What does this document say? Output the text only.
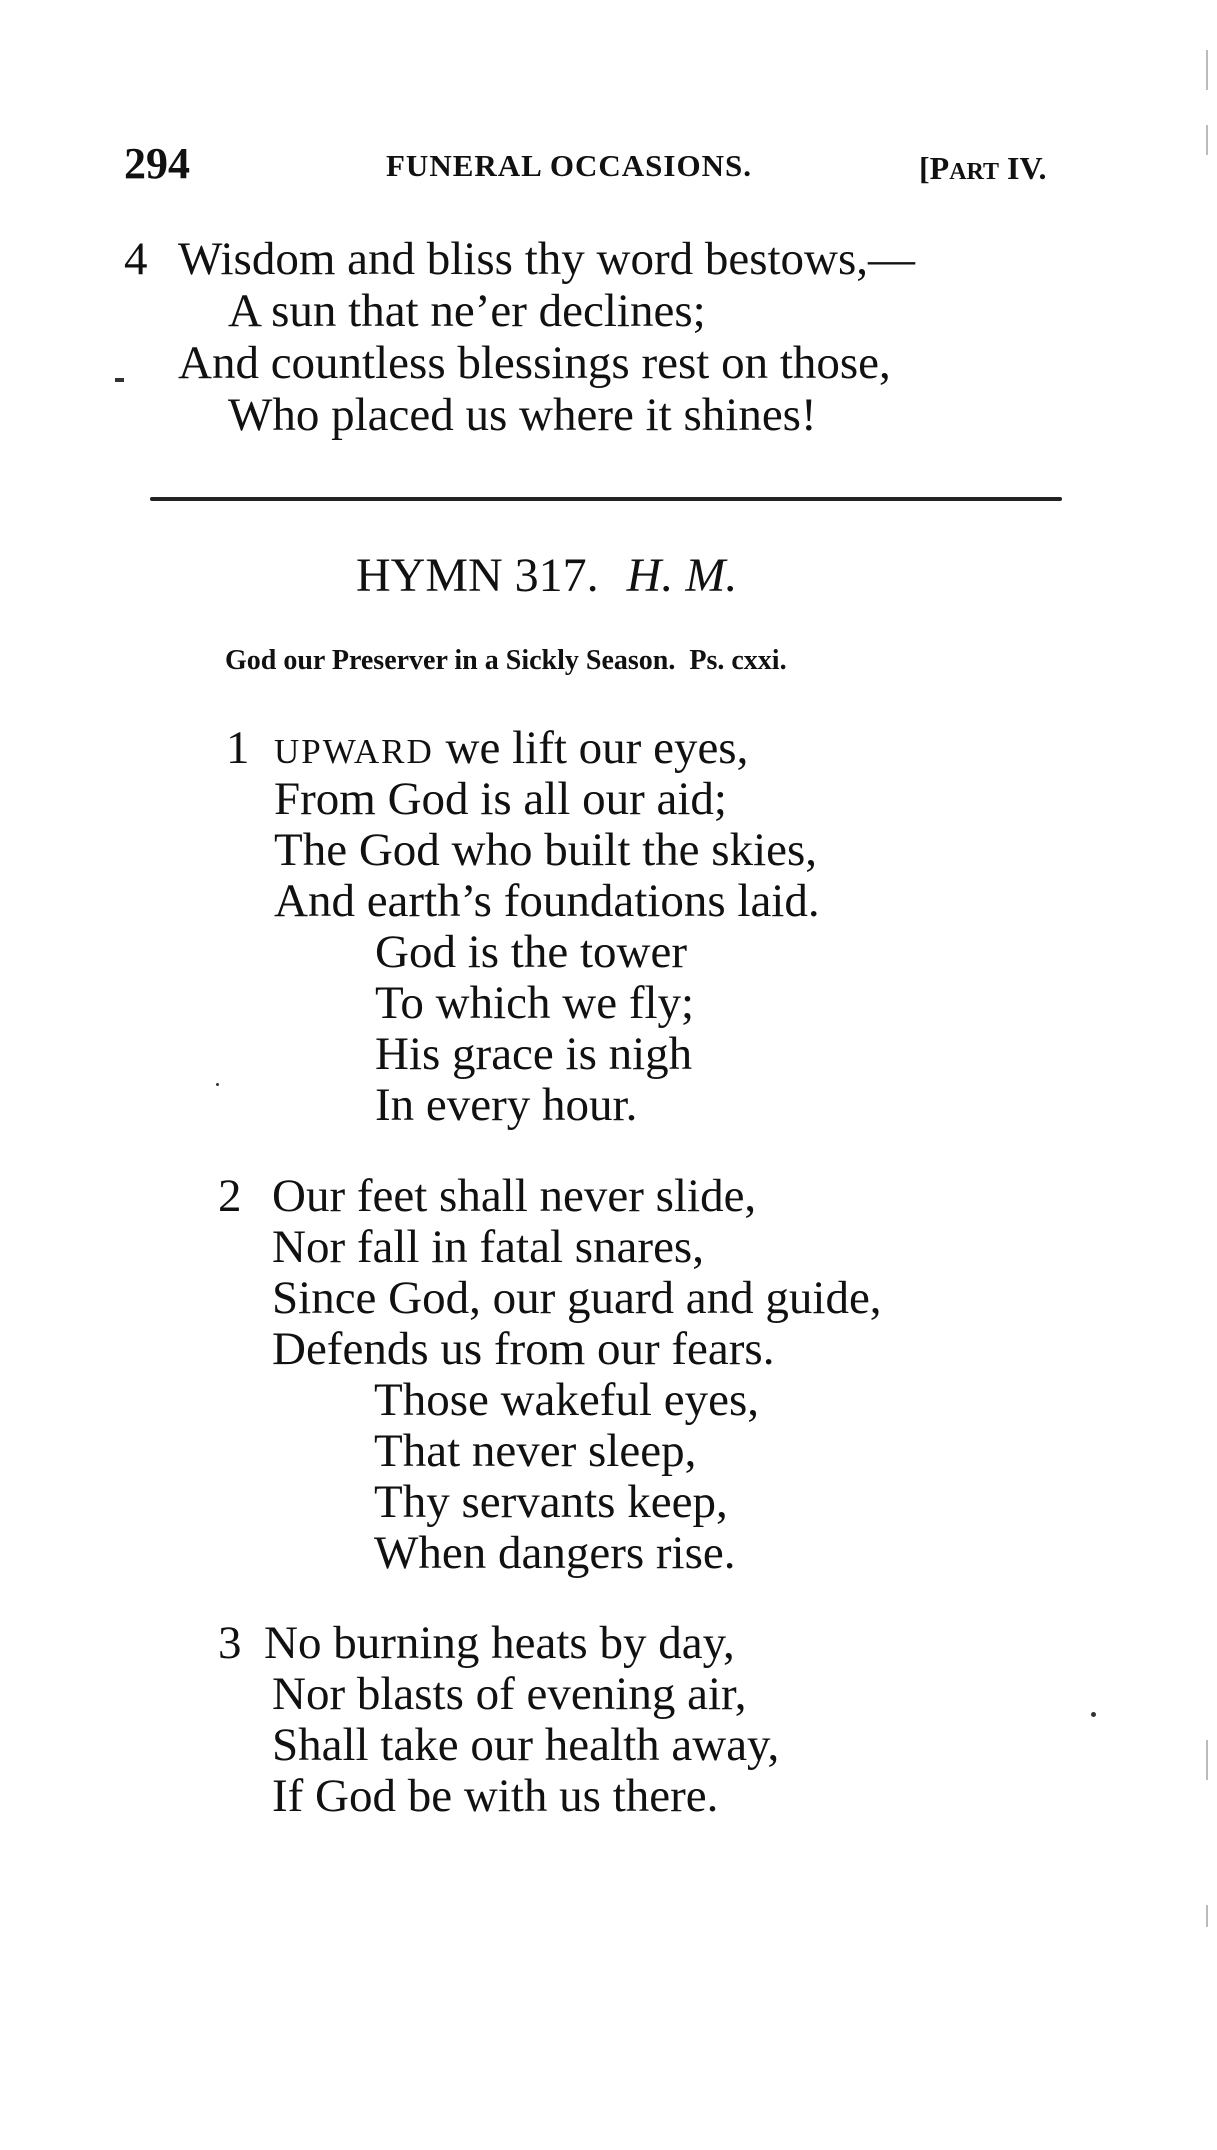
294	FUNERAL OCCASIONS.	[PART IV.
4 Wisdom and bliss thy word bestows,—
A sun that ne’er declines;
And countless blessings rest on those,
Who placed us where it shines!
HYMN 317. H. M.
God our Preserver in a Sickly Season. Ps. cxxi.
1 UPWARD we lift our eyes,
From God is all our aid;
The God who built the skies,
And earth’s foundations laid.
God is the tower
To which we fly;
His grace is nigh
In every hour.
2 Our feet shall never slide,
Nor fall in fatal snares,
Since God, our guard and guide,
Defends us from our fears.
Those wakeful eyes,
That never sleep,
Thy servants keep,
When dangers rise.
3 No burning heats by day,
Nor blasts of evening air,
Shall take our health away,
If God be with us there.
